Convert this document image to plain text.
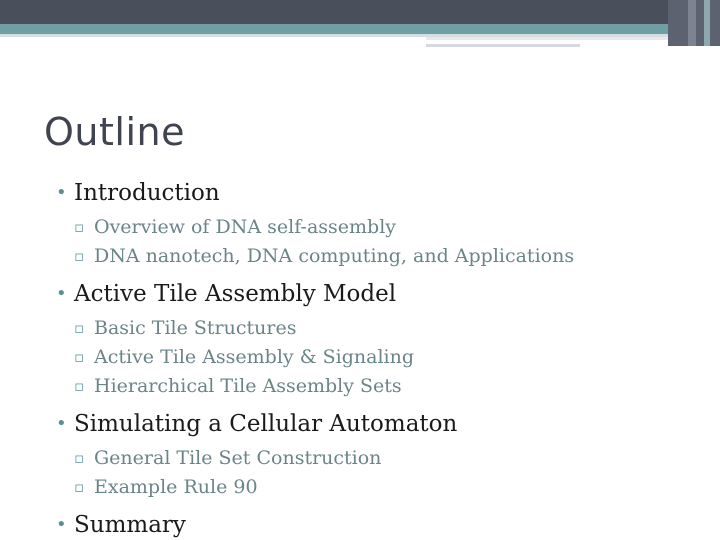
Outline
• Introduction
▫ Overview of DNA self-assembly
▫ DNA nanotech, DNA computing, and Applications
• Active Tile Assembly Model
▫ Basic Tile Structures
▫ Active Tile Assembly & Signaling
▫ Hierarchical Tile Assembly Sets
• Simulating a Cellular Automaton
▫ General Tile Set Construction
▫ Example Rule 90
• Summary
